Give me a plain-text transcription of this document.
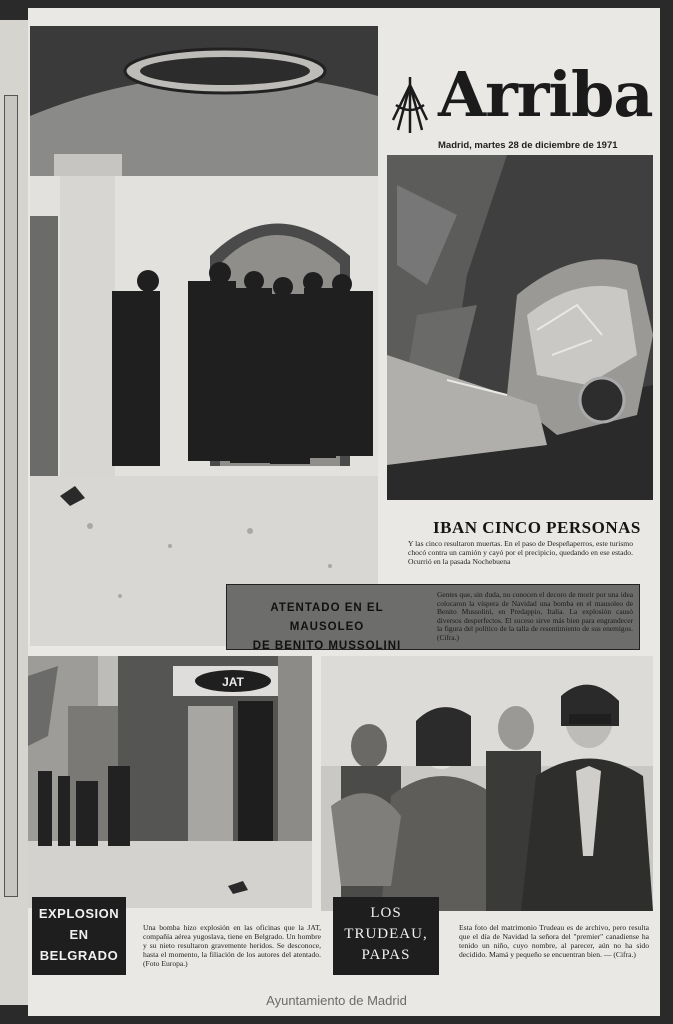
Arriba
Madrid, martes 28 de diciembre de 1971
IBAN CINCO PERSONAS
Y las cinco resultaron muertas. En el paso de Despeñaperros, este turismo chocó contra un camión y cayó por el precipicio, quedando en ese estado. Ocurrió en la pasada Nochebuena
ATENTADO EN EL MAUSOLEO
DE BENITO MUSSOLINI
Gentes que, sin duda, no conocen el decoro de morir por una idea colocaron la víspera de Navidad una bomba en el mausoleo de Benito Mussolini, en Predappio, Italia. La explosión causó diversos desperfectos. El suceso sirve más bien para engrandecer la figura del político de la talla de resentimiento de sus enemigos. (Cifra.)
JAT
EXPLOSION
EN
BELGRADO
Una bomba hizo explosión en las oficinas que la JAT, compañía aérea yugoslava, tiene en Belgrado. Un hombre y su nieto resultaron gravemente heridos. Se desconoce, hasta el momento, la filiación de los autores del atentado. (Foto Europa.)
LOS
TRUDEAU,
PAPAS
Esta foto del matrimonio Trudeau es de archivo, pero resulta que el día de Navidad la señora del "premier" canadiense ha tenido un niño, cuyo nombre, al parecer, aún no ha sido decidido. Mamá y pequeño se encuentran bien. — (Cifra.)
Ayuntamiento de Madrid
